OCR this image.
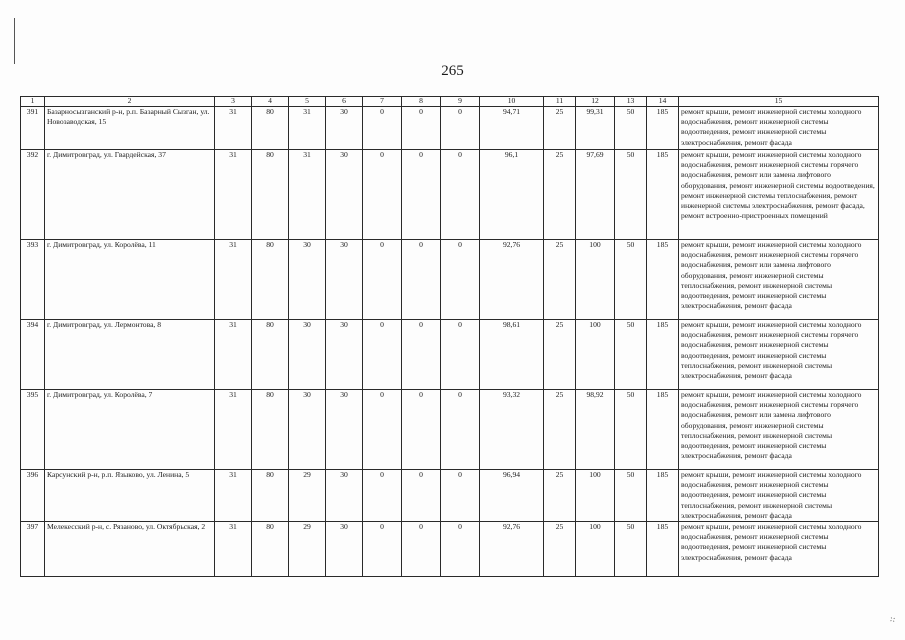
265
1	2	3	4	5	6	7	8	9	10	11	12	13	14	15
391	Базарносызганский р-н, р.п. Базарный Сызган, ул. Новозаводская, 15	31	80	31	30	0	0	0	94,71	25	99,31	50	185	ремонт крыши, ремонт инженерной системы холодного водоснабжения, ремонт инженерной системы водоотведения, ремонт инженерной системы электроснабжения, ремонт фасада
392	г. Димитровград, ул. Гвардейская, 37	31	80	31	30	0	0	0	96,1	25	97,69	50	185	ремонт крыши, ремонт инженерной системы холодного водоснабжения, ремонт инженерной системы горячего водоснабжения, ремонт или замена лифтового оборудования, ремонт инженерной системы водоотведения, ремонт инженерной системы теплоснабжения, ремонт инженерной системы электроснабжения, ремонт фасада, ремонт встроенно-пристроенных помещений
393	г. Димитровград, ул. Королёва, 11	31	80	30	30	0	0	0	92,76	25	100	50	185	ремонт крыши, ремонт инженерной системы холодного водоснабжения, ремонт инженерной системы горячего водоснабжения, ремонт или замена лифтового оборудования, ремонт инженерной системы теплоснабжения, ремонт инженерной системы водоотведения, ремонт инженерной системы электроснабжения, ремонт фасада
394	г. Димитровград, ул. Лермонтова, 8	31	80	30	30	0	0	0	98,61	25	100	50	185	ремонт крыши, ремонт инженерной системы холодного водоснабжения, ремонт инженерной системы горячего водоснабжения, ремонт инженерной системы водоотведения, ремонт инженерной системы теплоснабжения, ремонт инженерной системы электроснабжения, ремонт фасада
395	г. Димитровград, ул. Королёва, 7	31	80	30	30	0	0	0	93,32	25	98,92	50	185	ремонт крыши, ремонт инженерной системы холодного водоснабжения, ремонт инженерной системы горячего водоснабжения, ремонт или замена лифтового оборудования, ремонт инженерной системы теплоснабжения, ремонт инженерной системы водоотведения, ремонт инженерной системы электроснабжения, ремонт фасада
396	Карсунский р-н, р.п. Языково, ул. Ленина, 5	31	80	29	30	0	0	0	96,94	25	100	50	185	ремонт крыши, ремонт инженерной системы холодного водоснабжения, ремонт инженерной системы водоотведения, ремонт инженерной системы теплоснабжения, ремонт инженерной системы электроснабжения, ремонт фасада
397	Мелекесский р-н, с. Рязаново, ул. Октябрьская, 2	31	80	29	30	0	0	0	92,76	25	100	50	185	ремонт крыши, ремонт инженерной системы холодного водоснабжения, ремонт инженерной системы водоотведения, ремонт инженерной системы электроснабжения, ремонт фасада
⁘
